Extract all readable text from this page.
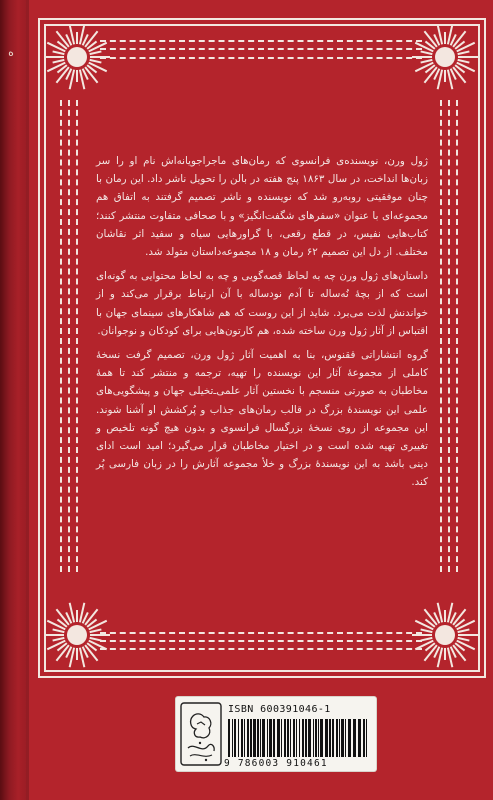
ه

ژول ورن، نویسنده‌ی فرانسوی که رمان‌های ماجراجویانه‌اش نام او را سر زبان‌ها انداخت، در سال ۱۸۶۳ پنج هفته در بالن را تحویل ناشر داد. این رمان با چنان موفقیتی روبه‌رو شد که نویسنده و ناشر تصمیم گرفتند به اتفاق هم مجموعه‌ای با عنوان «سفرهای شگفت‌انگیز» و با صحافی متفاوت منتشر کنند؛ کتاب‌هایی نفیس، در قطع رقعی، با گراورهایی سیاه و سفید اثر نقاشان مختلف. از دل این تصمیم ۶۲ رمان و ۱۸ مجموعه‌داستان متولد شد.

داستان‌های ژول ورن چه به لحاظ قصه‌گویی و چه به لحاظ محتوایی به گونه‌ای است که از بچهٔ نُه‌ساله تا آدم نودساله با آن ارتباط برقرار می‌کند و از خواندنش لذت می‌برد. شاید از این روست که هم شاهکارهای سینمای جهان با اقتباس از آثار ژول ورن ساخته شده، هم کارتون‌هایی برای کودکان و نوجوانان.

گروه انتشاراتی ققنوس، بنا به اهمیت آثار ژول ورن، تصمیم گرفت نسخهٔ کاملی از مجموعهٔ آثار این نویسنده را تهیه، ترجمه و منتشر کند تا همهٔ مخاطبان به صورتی منسجم با نخستین آثار علمی‌ـ‌تخیلی جهان و پیشگویی‌های علمی این نویسندهٔ بزرگ در قالب رمان‌های جذاب و پُرکشش او آشنا شوند. این مجموعه از روی نسخهٔ بزرگسال فرانسوی و بدون هیچ گونه تلخیص و تغییری تهیه شده است و در اختیار مخاطبان قرار می‌گیرد؛ امید است ادای دینی باشد به این نویسندهٔ بزرگ و خلأ مجموعه آثارش را در زبان فارسی پُر کند.

ISBN 600391046-1
9 786003 910461
